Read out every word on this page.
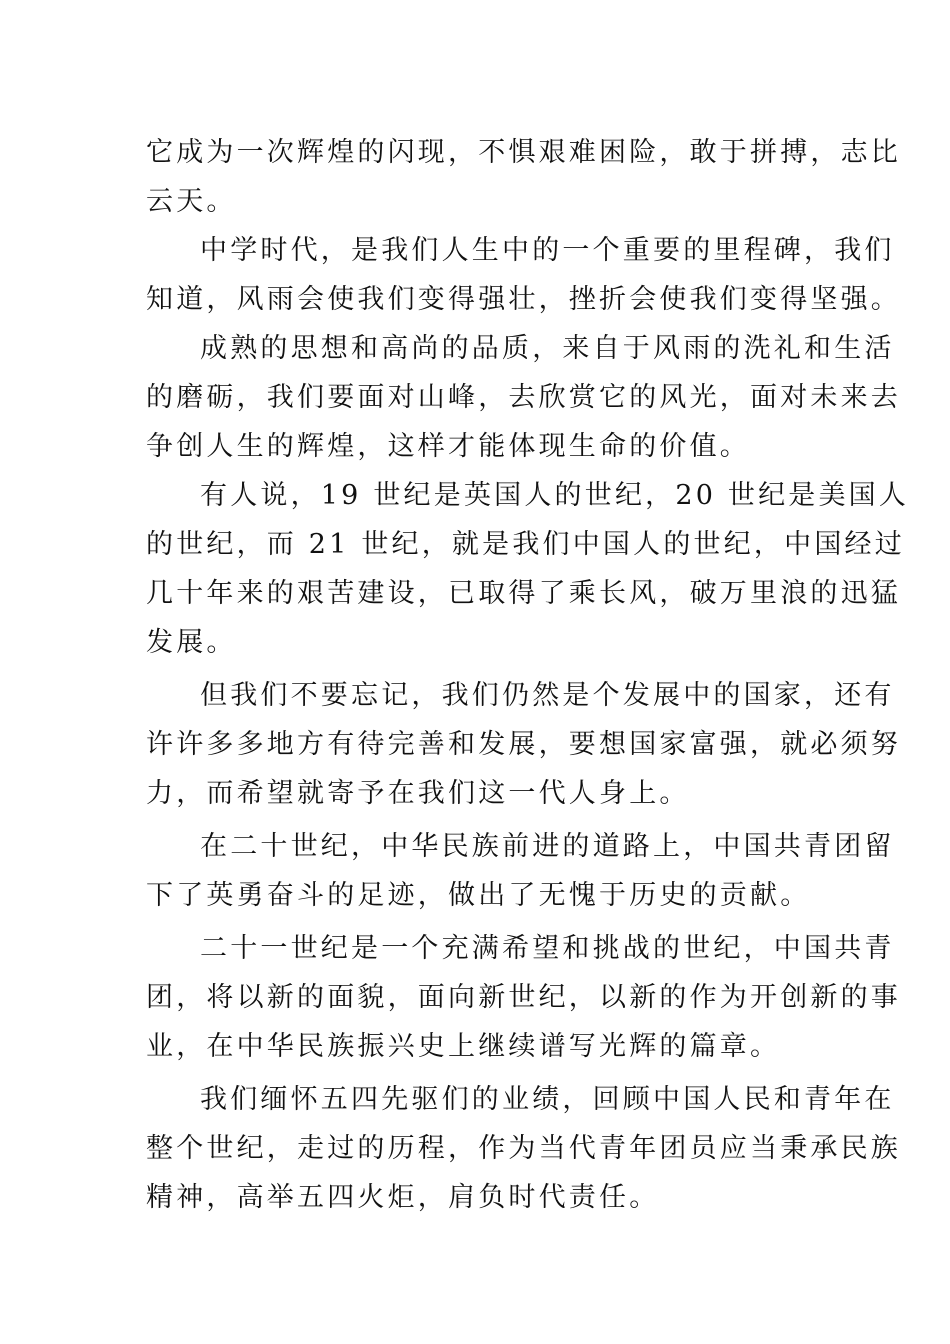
它成为一次辉煌的闪现，不惧艰难困险，敢于拼搏，志比
云天。
中学时代，是我们人生中的一个重要的里程碑，我们
知道，风雨会使我们变得强壮，挫折会使我们变得坚强。
成熟的思想和高尚的品质，来自于风雨的洗礼和生活
的磨砺，我们要面对山峰，去欣赏它的风光，面对未来去
争创人生的辉煌，这样才能体现生命的价值。
有人说，19 世纪是英国人的世纪，20 世纪是美国人
的世纪，而 21 世纪，就是我们中国人的世纪，中国经过
几十年来的艰苦建设，已取得了乘长风，破万里浪的迅猛
发展。
但我们不要忘记，我们仍然是个发展中的国家，还有
许许多多地方有待完善和发展，要想国家富强，就必须努
力，而希望就寄予在我们这一代人身上。
在二十世纪，中华民族前进的道路上，中国共青团留
下了英勇奋斗的足迹，做出了无愧于历史的贡献。
二十一世纪是一个充满希望和挑战的世纪，中国共青
团，将以新的面貌，面向新世纪，以新的作为开创新的事
业，在中华民族振兴史上继续谱写光辉的篇章。
我们缅怀五四先驱们的业绩，回顾中国人民和青年在
整个世纪，走过的历程，作为当代青年团员应当秉承民族
精神，高举五四火炬，肩负时代责任。
